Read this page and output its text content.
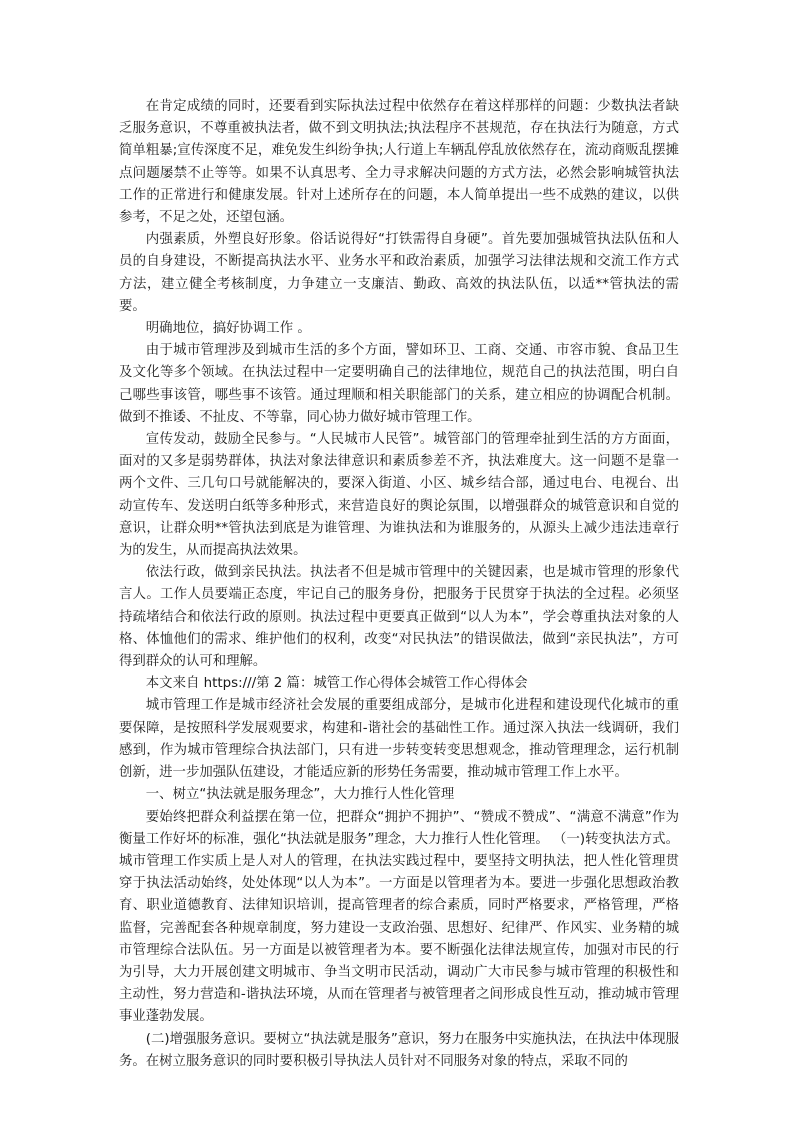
在肯定成绩的同时，还要看到实际执法过程中依然存在着这样那样的问题：少数执法者缺乏服务意识，不尊重被执法者，做不到文明执法;执法程序不甚规范，存在执法行为随意，方式简单粗暴;宣传深度不足，难免发生纠纷争执;人行道上车辆乱停乱放依然存在，流动商贩乱摆摊点问题屡禁不止等等。如果不认真思考、全力寻求解决问题的方式方法，必然会影响城管执法工作的正常进行和健康发展。针对上述所存在的问题，本人简单提出一些不成熟的建议，以供参考，不足之处，还望包涵。

内强素质，外塑良好形象。俗话说得好“打铁需得自身硬”。首先要加强城管执法队伍和人员的自身建设，不断提高执法水平、业务水平和政治素质，加强学习法律法规和交流工作方式方法，建立健全考核制度，力争建立一支廉洁、勤政、高效的执法队伍，以适**管执法的需要。

明确地位，搞好协调工作 。

由于城市管理涉及到城市生活的多个方面，譬如环卫、工商、交通、市容市貌、食品卫生及文化等多个领域。在执法过程中一定要明确自己的法律地位，规范自己的执法范围，明白自己哪些事该管，哪些事不该管。通过理顺和相关职能部门的关系，建立相应的协调配合机制。做到不推诿、不扯皮、不等靠，同心协力做好城市管理工作。

宣传发动，鼓励全民参与。“人民城市人民管”。城管部门的管理牵扯到生活的方方面面，面对的又多是弱势群体，执法对象法律意识和素质参差不齐，执法难度大。这一问题不是靠一两个文件、三几句口号就能解决的，要深入街道、小区、城乡结合部，通过电台、电视台、出动宣传车、发送明白纸等多种形式，来营造良好的舆论氛围，以增强群众的城管意识和自觉的意识，让群众明**管执法到底是为谁管理、为谁执法和为谁服务的，从源头上减少违法违章行为的发生，从而提高执法效果。

依法行政，做到亲民执法。执法者不但是城市管理中的关键因素，也是城市管理的形象代言人。工作人员要端正态度，牢记自己的服务身份，把服务于民贯穿于执法的全过程。必须坚持疏堵结合和依法行政的原则。执法过程中更要真正做到“以人为本”，学会尊重执法对象的人格、体恤他们的需求、维护他们的权利，改变“对民执法”的错误做法，做到“亲民执法”，方可得到群众的认可和理解。

本文来自 https:///第 2 篇：城管工作心得体会城管工作心得体会

城市管理工作是城市经济社会发展的重要组成部分，是城市化进程和建设现代化城市的重要保障，是按照科学发展观要求，构建和-谐社会的基础性工作。通过深入执法一线调研，我们感到，作为城市管理综合执法部门，只有进一步转变转变思想观念，推动管理理念，运行机制创新，进一步加强队伍建设，才能适应新的形势任务需要，推动城市管理工作上水平。

一、树立“执法就是服务理念”，大力推行人性化管理

要始终把群众利益摆在第一位，把群众“拥护不拥护”、“赞成不赞成”、“满意不满意”作为衡量工作好坏的标准，强化“执法就是服务”理念，大力推行人性化管理。 （一)转变执法方式。城市管理工作实质上是人对人的管理，在执法实践过程中，要坚持文明执法，把人性化管理贯穿于执法活动始终，处处体现“以人为本”。一方面是以管理者为本。要进一步强化思想政治教育、职业道德教育、法律知识培训，提高管理者的综合素质，同时严格要求，严格管理，严格监督，完善配套各种规章制度，努力建设一支政治强、思想好、纪律严、作风实、业务精的城市管理综合法队伍。另一方面是以被管理者为本。要不断强化法律法规宣传，加强对市民的行为引导，大力开展创建文明城市、争当文明市民活动，调动广大市民参与城市管理的积极性和主动性，努力营造和-谐执法环境，从而在管理者与被管理者之间形成良性互动，推动城市管理事业蓬勃发展。

(二)增强服务意识。要树立“执法就是服务”意识，努力在服务中实施执法，在执法中体现服务。在树立服务意识的同时要积极引导执法人员针对不同服务对象的特点，采取不同的
